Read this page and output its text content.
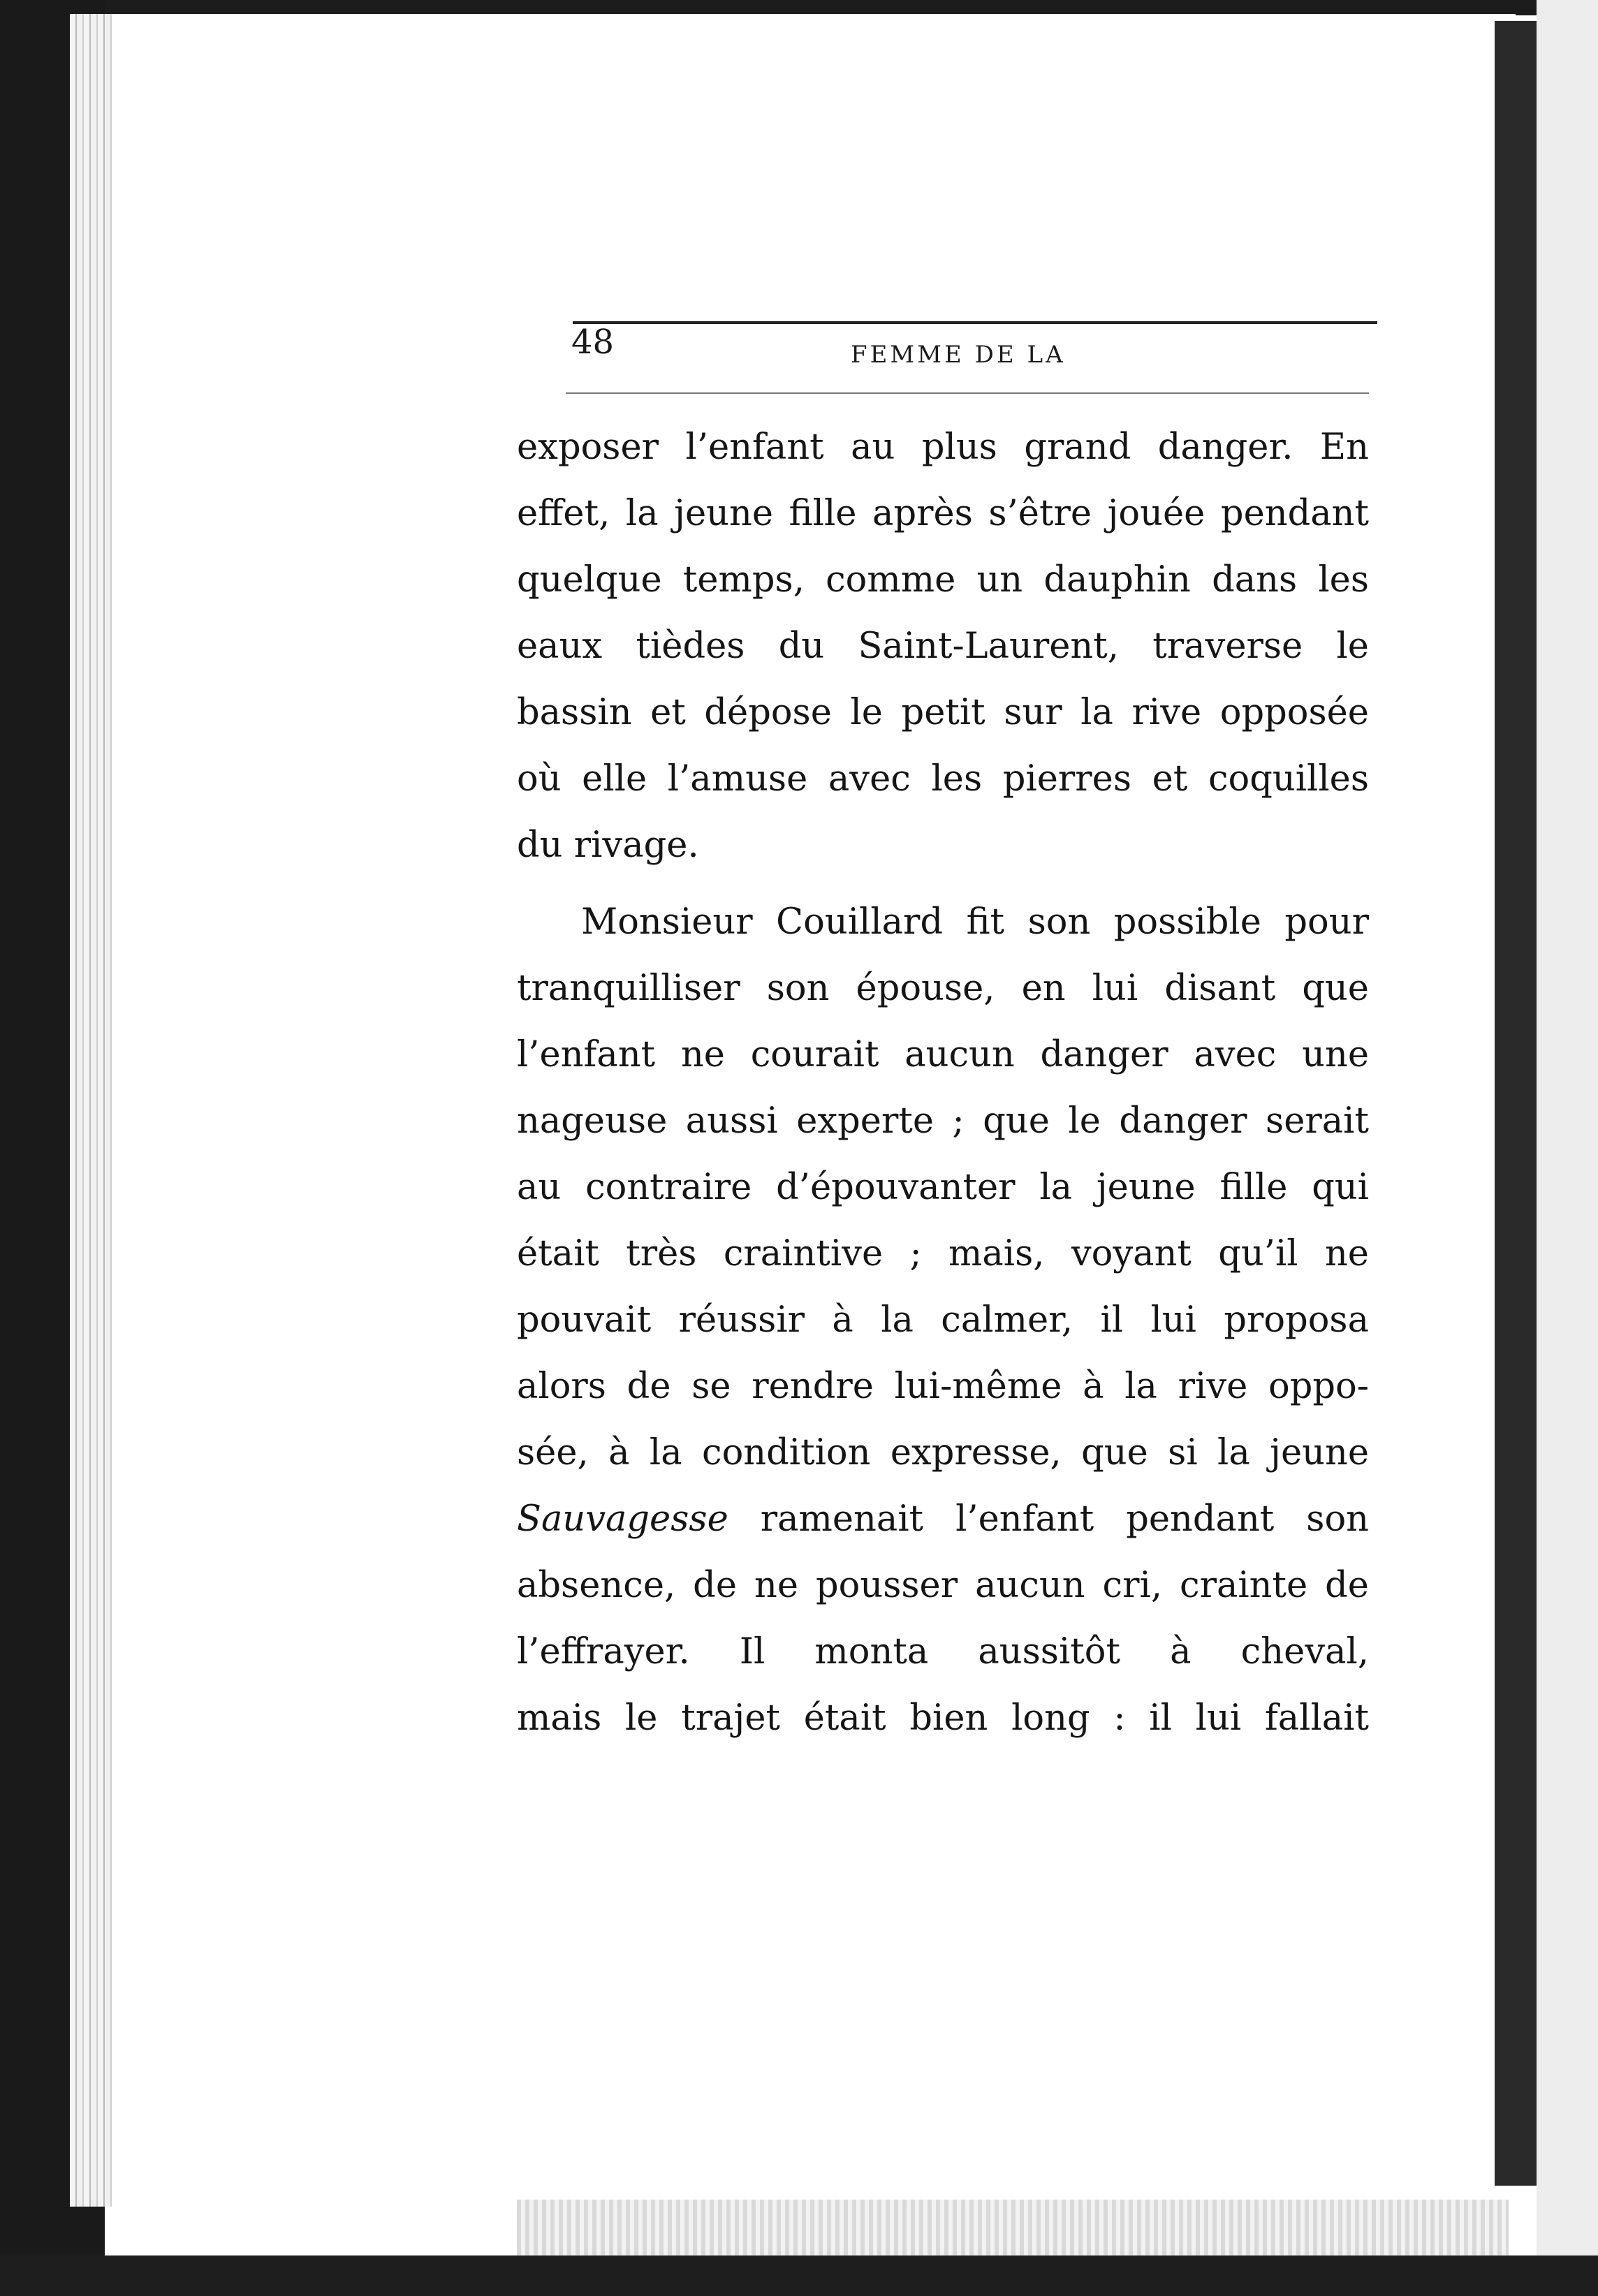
48	FEMME DE LA
exposer l’enfant au plus grand danger. En
effet, la jeune fille après s’être jouée pendant
quelque temps, comme un dauphin dans les
eaux tièdes du Saint-Laurent, traverse le
bassin et dépose le petit sur la rive opposée
où elle l’amuse avec les pierres et coquilles
du rivage.
Monsieur Couillard fit son possible pour
tranquilliser son épouse, en lui disant que
l’enfant ne courait aucun danger avec une
nageuse aussi experte ; que le danger serait
au contraire d’épouvanter la jeune fille qui
était très craintive ; mais, voyant qu’il ne
pouvait réussir à la calmer, il lui proposa
alors de se rendre lui-même à la rive oppo-
sée, à la condition expresse, que si la jeune
Sauvagesse ramenait l’enfant pendant son
absence, de ne pousser aucun cri, crainte de
l’effrayer. Il monta aussitôt à cheval,
mais le trajet était bien long : il lui fallait
